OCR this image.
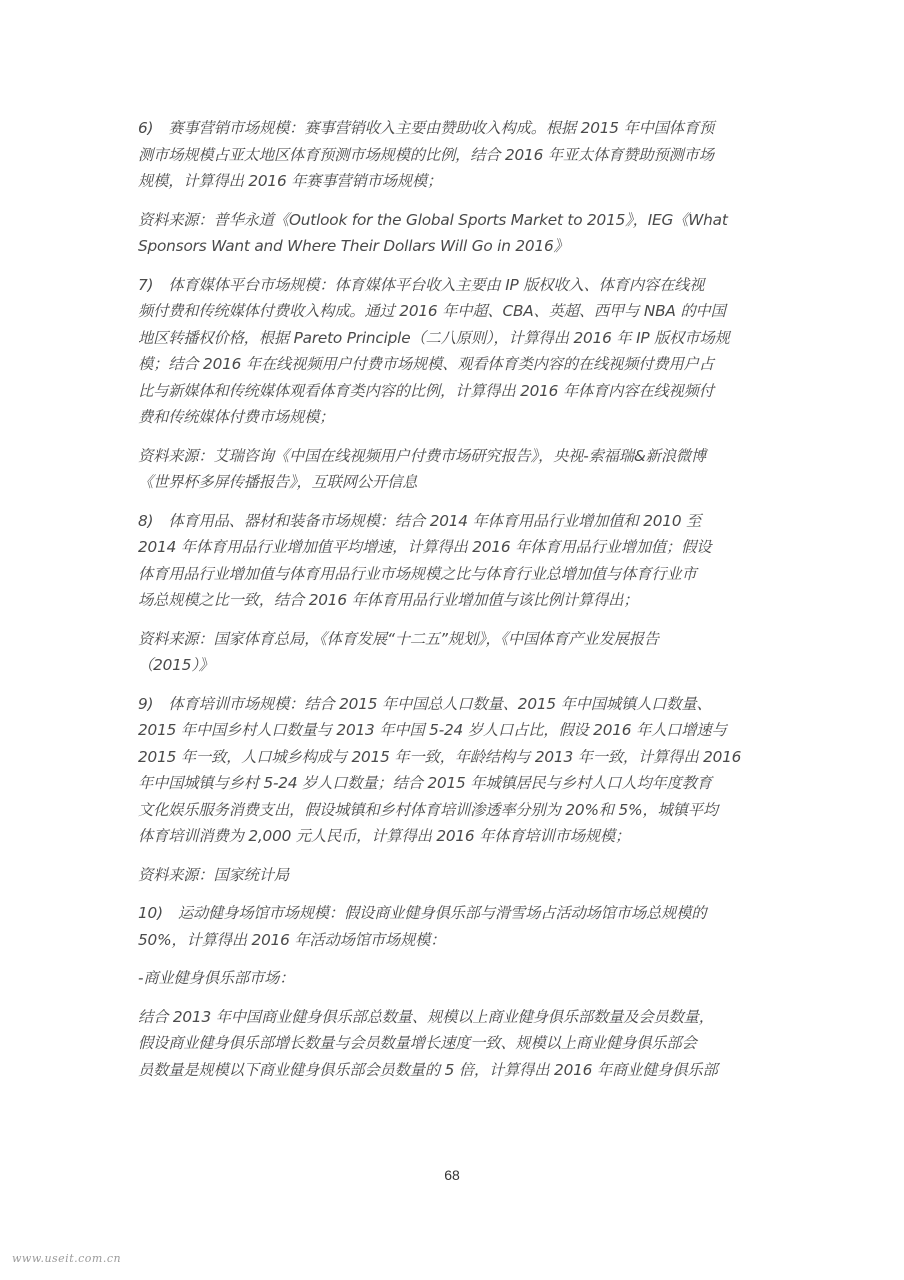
6)　赛事营销市场规模：赛事营销收入主要由赞助收入构成。根据 2015 年中国体育预
测市场规模占亚太地区体育预测市场规模的比例，结合 2016 年亚太体育赞助预测市场
规模，计算得出 2016 年赛事营销市场规模；
资料来源：普华永道《Outlook for the Global Sports Market to 2015》，IEG《What
Sponsors Want and Where Their Dollars Will Go in 2016》
7)　体育媒体平台市场规模：体育媒体平台收入主要由 IP 版权收入、体育内容在线视
频付费和传统媒体付费收入构成。通过 2016 年中超、CBA、英超、西甲与 NBA 的中国
地区转播权价格，根据 Pareto Principle（二八原则），计算得出 2016 年 IP 版权市场规
模；结合 2016 年在线视频用户付费市场规模、观看体育类内容的在线视频付费用户占
比与新媒体和传统媒体观看体育类内容的比例，计算得出 2016 年体育内容在线视频付
费和传统媒体付费市场规模；
资料来源：艾瑞咨询《中国在线视频用户付费市场研究报告》，央视-索福瑞&新浪微博
《世界杯多屏传播报告》，互联网公开信息
8)　体育用品、器材和装备市场规模：结合 2014 年体育用品行业增加值和 2010 至
2014 年体育用品行业增加值平均增速，计算得出 2016 年体育用品行业增加值；假设
体育用品行业增加值与体育用品行业市场规模之比与体育行业总增加值与体育行业市
场总规模之比一致，结合 2016 年体育用品行业增加值与该比例计算得出；
资料来源：国家体育总局，《体育发展“十二五”规划》，《中国体育产业发展报告
（2015）》
9)　体育培训市场规模：结合 2015 年中国总人口数量、2015 年中国城镇人口数量、
2015 年中国乡村人口数量与 2013 年中国 5-24 岁人口占比，假设 2016 年人口增速与
2015 年一致，人口城乡构成与 2015 年一致，年龄结构与 2013 年一致，计算得出 2016
年中国城镇与乡村 5-24 岁人口数量；结合 2015 年城镇居民与乡村人口人均年度教育
文化娱乐服务消费支出，假设城镇和乡村体育培训渗透率分别为 20%和 5%，城镇平均
体育培训消费为 2,000 元人民币，计算得出 2016 年体育培训市场规模；
资料来源：国家统计局
10)　运动健身场馆市场规模：假设商业健身俱乐部与滑雪场占活动场馆市场总规模的
50%，计算得出 2016 年活动场馆市场规模：
-商业健身俱乐部市场：
结合 2013 年中国商业健身俱乐部总数量、规模以上商业健身俱乐部数量及会员数量，
假设商业健身俱乐部增长数量与会员数量增长速度一致、规模以上商业健身俱乐部会
员数量是规模以下商业健身俱乐部会员数量的 5 倍，计算得出 2016 年商业健身俱乐部
68
www.useit.com.cn
